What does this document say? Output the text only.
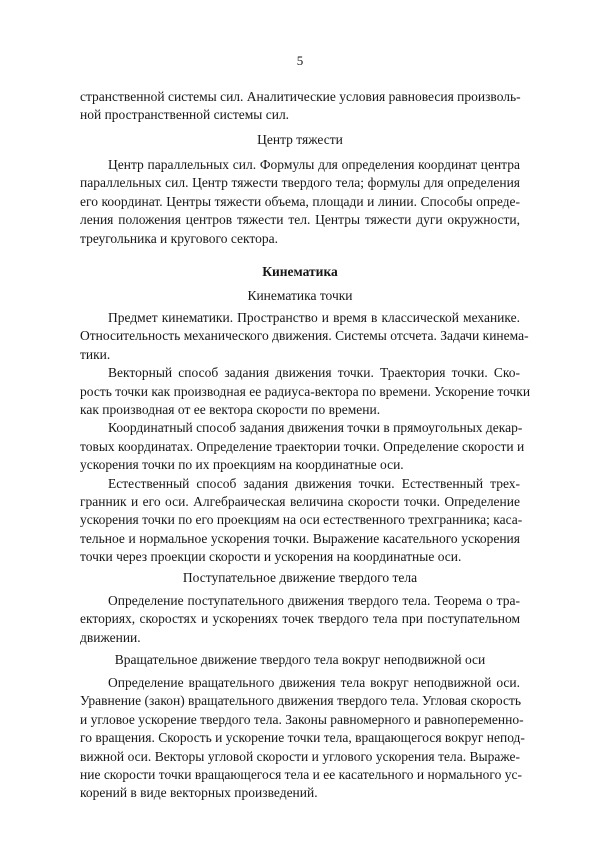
5

странственной системы сил. Аналитические условия равновесия произволь-
ной пространственной системы сил.

Центр тяжести

Центр параллельных сил. Формулы для определения координат центра
параллельных сил. Центр тяжести твердого тела; формулы для определения
его координат. Центры тяжести объема, площади и линии. Способы опреде-
ления положения центров тяжести тел. Центры тяжести дуги окружности,
треугольника и кругового сектора.

Кинематика
Кинематика точки

Предмет кинематики. Пространство и время в классической механике.
Относительность механического движения. Системы отсчета. Задачи кинема-
тики.

Векторный способ задания движения точки. Траектория точки. Ско-
рость точки как производная ее радиуса-вектора по времени. Ускорение точки
как производная от ее вектора скорости по времени.

Координатный способ задания движения точки в прямоугольных декар-
товых координатах. Определение траектории точки. Определение скорости и
ускорения точки по их проекциям на координатные оси.

Естественный способ задания движения точки. Естественный трех-
гранник и его оси. Алгебраическая величина скорости точки. Определение
ускорения точки по его проекциям на оси естественного трехгранника; каса-
тельное и нормальное ускорения точки. Выражение касательного ускорения
точки через проекции скорости и ускорения на координатные оси.

Поступательное движение твердого тела

Определение поступательного движения твердого тела. Теорема о тра-
екториях, скоростях и ускорениях точек твердого тела при поступательном
движении.

Вращательное движение твердого тела вокруг неподвижной оси

Определение вращательного движения тела вокруг неподвижной оси.
Уравнение (закон) вращательного движения твердого тела. Угловая скорость
и угловое ускорение твердого тела. Законы равномерного и равнопеременно-
го вращения. Скорость и ускорение точки тела, вращающегося вокруг непод-
вижной оси. Векторы угловой скорости и углового ускорения тела. Выраже-
ние скорости точки вращающегося тела и ее касательного и нормального ус-
корений в виде векторных произведений.
